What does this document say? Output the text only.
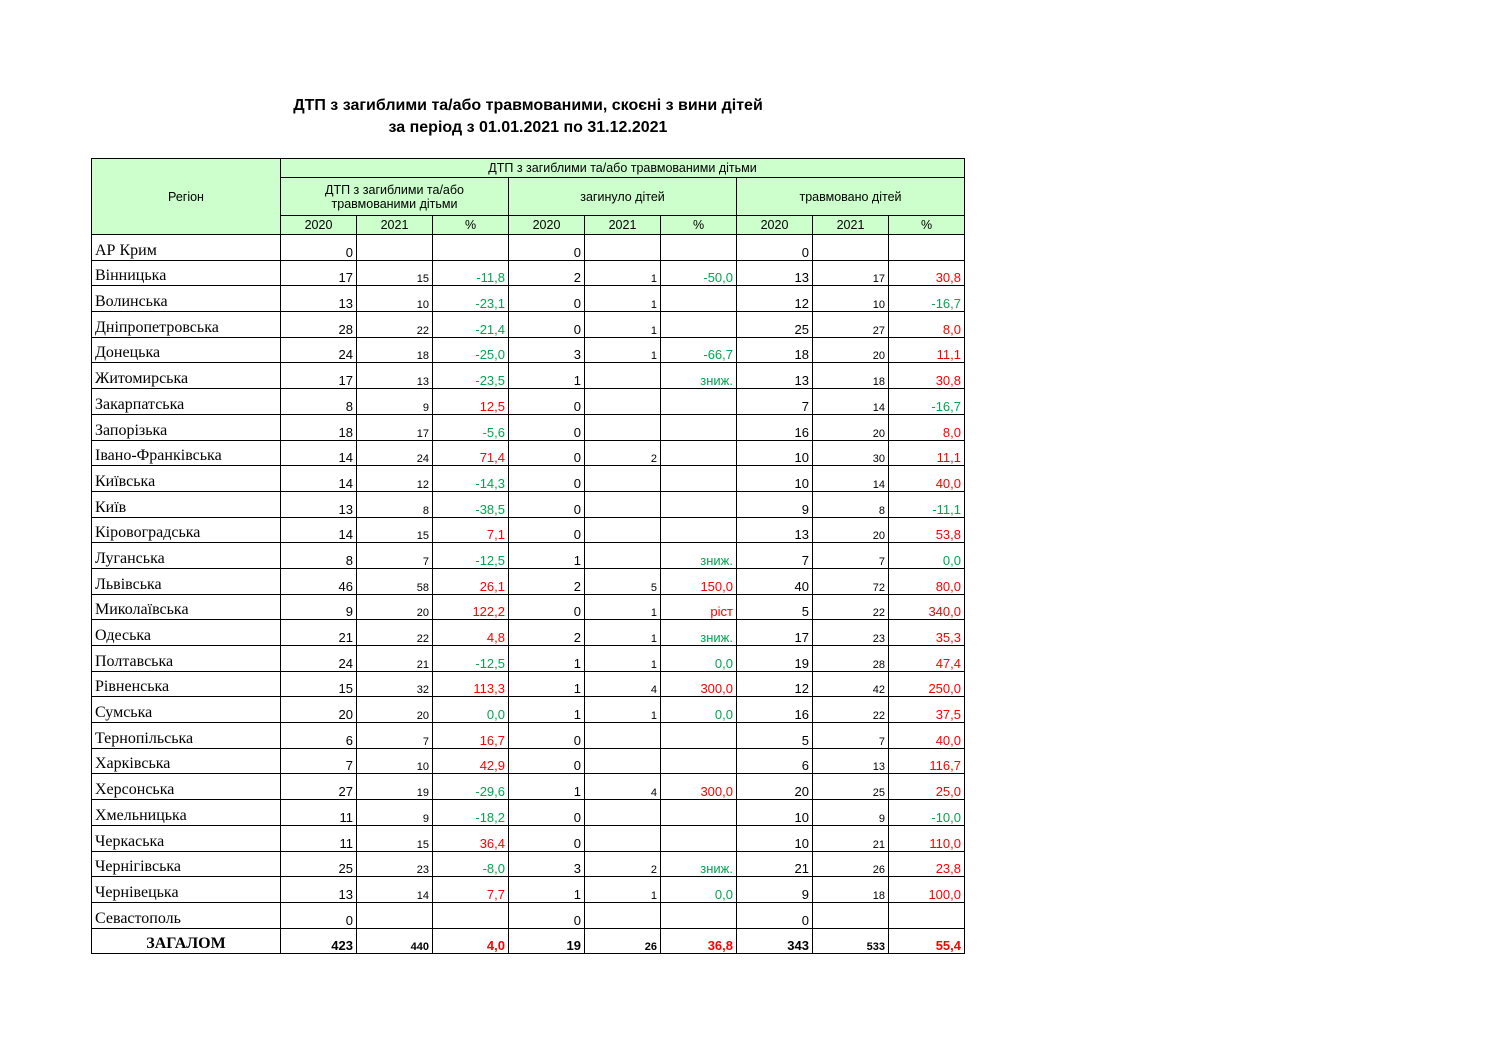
ДТП з загиблими та/або травмованими, скоєні з вини дітей
за період з 01.01.2021 по 31.12.2021
Регіон	ДТП з загиблими та/або травмованими дітьми								
	ДТП з загиблими та/або травмованими дітьми			загинуло дітей			травмовано дітей		
	2020	2021	%	2020	2021	%	2020	2021	%
АР Крим	0			0			0		
Вінницька	17	15	-11,8	2	1	-50,0	13	17	30,8
Волинська	13	10	-23,1	0	1		12	10	-16,7
Дніпропетровська	28	22	-21,4	0	1		25	27	8,0
Донецька	24	18	-25,0	3	1	-66,7	18	20	11,1
Житомирська	17	13	-23,5	1		зниж.	13	18	30,8
Закарпатська	8	9	12,5	0			7	14	-16,7
Запорізька	18	17	-5,6	0			16	20	8,0
Івано-Франківська	14	24	71,4	0	2		10	30	11,1
Київська	14	12	-14,3	0			10	14	40,0
Київ	13	8	-38,5	0			9	8	-11,1
Кіровоградська	14	15	7,1	0			13	20	53,8
Луганська	8	7	-12,5	1		зниж.	7	7	0,0
Львівська	46	58	26,1	2	5	150,0	40	72	80,0
Миколаївська	9	20	122,2	0	1	ріст	5	22	340,0
Одеська	21	22	4,8	2	1	зниж.	17	23	35,3
Полтавська	24	21	-12,5	1	1	0,0	19	28	47,4
Рівненська	15	32	113,3	1	4	300,0	12	42	250,0
Сумська	20	20	0,0	1	1	0,0	16	22	37,5
Тернопільська	6	7	16,7	0			5	7	40,0
Харківська	7	10	42,9	0			6	13	116,7
Херсонська	27	19	-29,6	1	4	300,0	20	25	25,0
Хмельницька	11	9	-18,2	0			10	9	-10,0
Черкаська	11	15	36,4	0			10	21	110,0
Чернігівська	25	23	-8,0	3	2	зниж.	21	26	23,8
Чернівецька	13	14	7,7	1	1	0,0	9	18	100,0
Севастополь	0			0			0		
ЗАГАЛОМ	423	440	4,0	19	26	36,8	343	533	55,4
